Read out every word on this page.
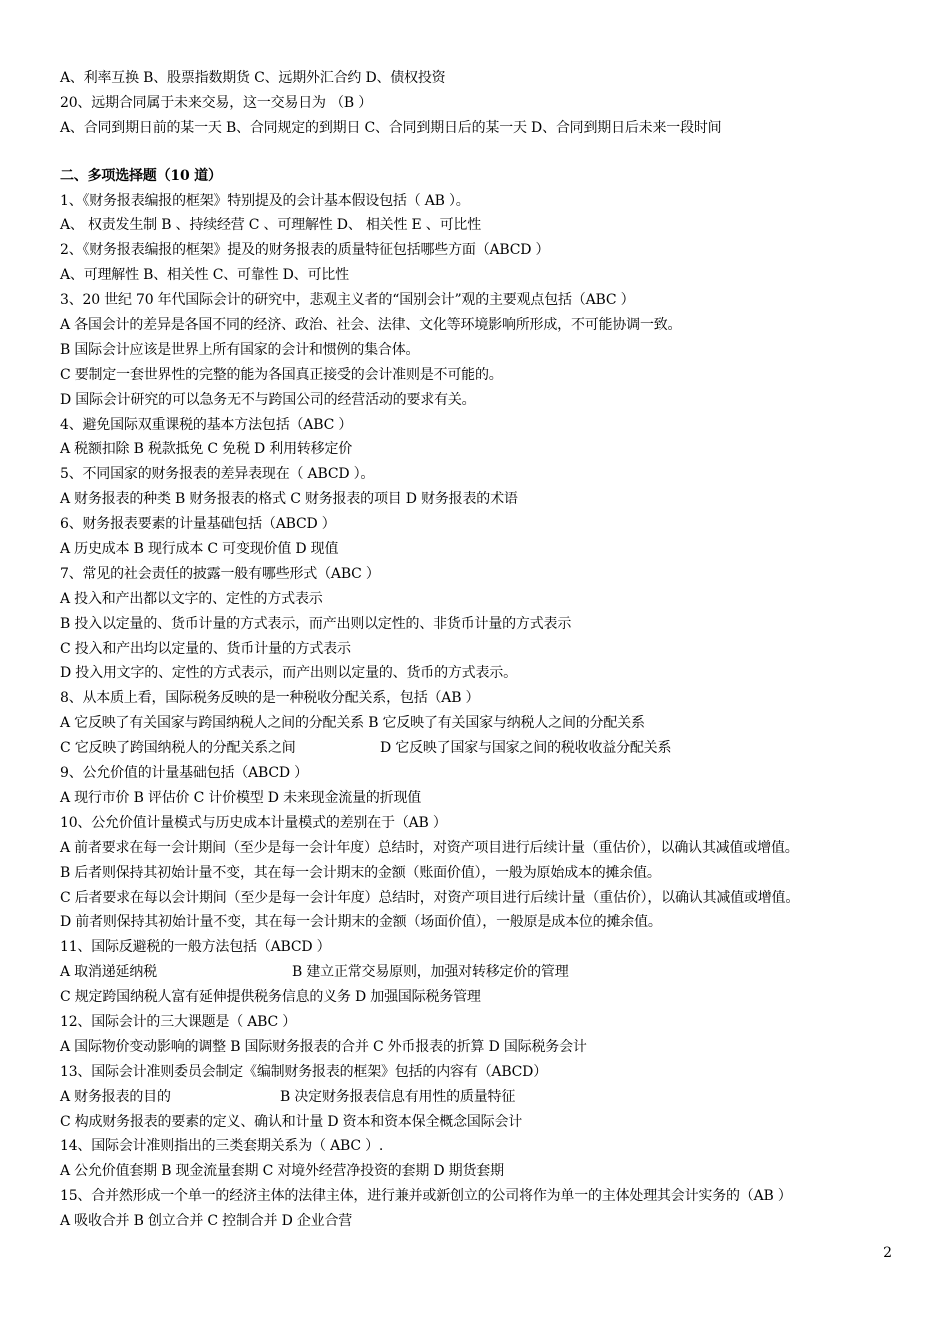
A、利率互换 B、股票指数期货 C、远期外汇合约 D、债权投资
20、远期合同属于未来交易，这一交易日为 （B ）
A、合同到期日前的某一天 B、合同规定的到期日 C、合同到期日后的某一天 D、合同到期日后未来一段时间
二、多项选择题（10 道）
1、《财务报表编报的框架》特别提及的会计基本假设包括（ AB ）。
A、 权责发生制 B 、持续经营 C 、可理解性 D、 相关性 E 、可比性
2、《财务报表编报的框架》提及的财务报表的质量特征包括哪些方面（ABCD ）
A、可理解性 B、相关性 C、可靠性 D、可比性
3、20 世纪 70 年代国际会计的研究中，悲观主义者的“国别会计”观的主要观点包括（ABC ）
A 各国会计的差异是各国不同的经济、政治、社会、法律、文化等环境影响所形成，不可能协调一致。
B 国际会计应该是世界上所有国家的会计和惯例的集合体。
C 要制定一套世界性的完整的能为各国真正接受的会计准则是不可能的。
D 国际会计研究的可以急务无不与跨国公司的经营活动的要求有关。
4、避免国际双重课税的基本方法包括（ABC ）
A 税额扣除 B 税款抵免 C 免税 D 利用转移定价
5、不同国家的财务报表的差异表现在（ ABCD ）。
A 财务报表的种类 B 财务报表的格式 C 财务报表的项目 D 财务报表的术语
6、财务报表要素的计量基础包括（ABCD ）
A 历史成本 B 现行成本 C 可变现价值 D 现值
7、常见的社会责任的披露一般有哪些形式（ABC ）
A 投入和产出都以文字的、定性的方式表示
B 投入以定量的、货币计量的方式表示，而产出则以定性的、非货币计量的方式表示
C 投入和产出均以定量的、货币计量的方式表示
D 投入用文字的、定性的方式表示，而产出则以定量的、货币的方式表示。
8、从本质上看，国际税务反映的是一种税收分配关系，包括（AB ）
A 它反映了有关国家与跨国纳税人之间的分配关系 B 它反映了有关国家与纳税人之间的分配关系
C 它反映了跨国纳税人的分配关系之间	D 它反映了国家与国家之间的税收收益分配关系
9、公允价值的计量基础包括（ABCD ）
A 现行市价 B 评估价 C 计价模型 D 未来现金流量的折现值
10、公允价值计量模式与历史成本计量模式的差别在于（AB ）
A 前者要求在每一会计期间（至少是每一会计年度）总结时，对资产项目进行后续计量（重估价），以确认其减值或增值。
B 后者则保持其初始计量不变，其在每一会计期末的金额（账面价值），一般为原始成本的摊余值。
C 后者要求在每以会计期间（至少是每一会计年度）总结时，对资产项目进行后续计量（重估价），以确认其减值或增值。
D 前者则保持其初始计量不变，其在每一会计期末的金额（场面价值），一般原是成本位的摊余值。
11、国际反避税的一般方法包括（ABCD ）
A 取消递延纳税	B 建立正常交易原则，加强对转移定价的管理
C 规定跨国纳税人富有延伸提供税务信息的义务 D 加强国际税务管理
12、国际会计的三大课题是（ ABC ）
A 国际物价变动影响的调整 B 国际财务报表的合并 C 外币报表的折算 D 国际税务会计
13、国际会计准则委员会制定《编制财务报表的框架》包括的内容有（ABCD）
A 财务报表的目的	B 决定财务报表信息有用性的质量特征
C 构成财务报表的要素的定义、确认和计量 D 资本和资本保全概念国际会计
14、国际会计准则指出的三类套期关系为（ ABC ）.
A 公允价值套期 B 现金流量套期 C 对境外经营净投资的套期 D 期货套期
15、合并然形成一个单一的经济主体的法律主体，进行兼并或新创立的公司将作为单一的主体处理其会计实务的（AB ）
A 吸收合并 B 创立合并 C 控制合并 D 企业合营
2
